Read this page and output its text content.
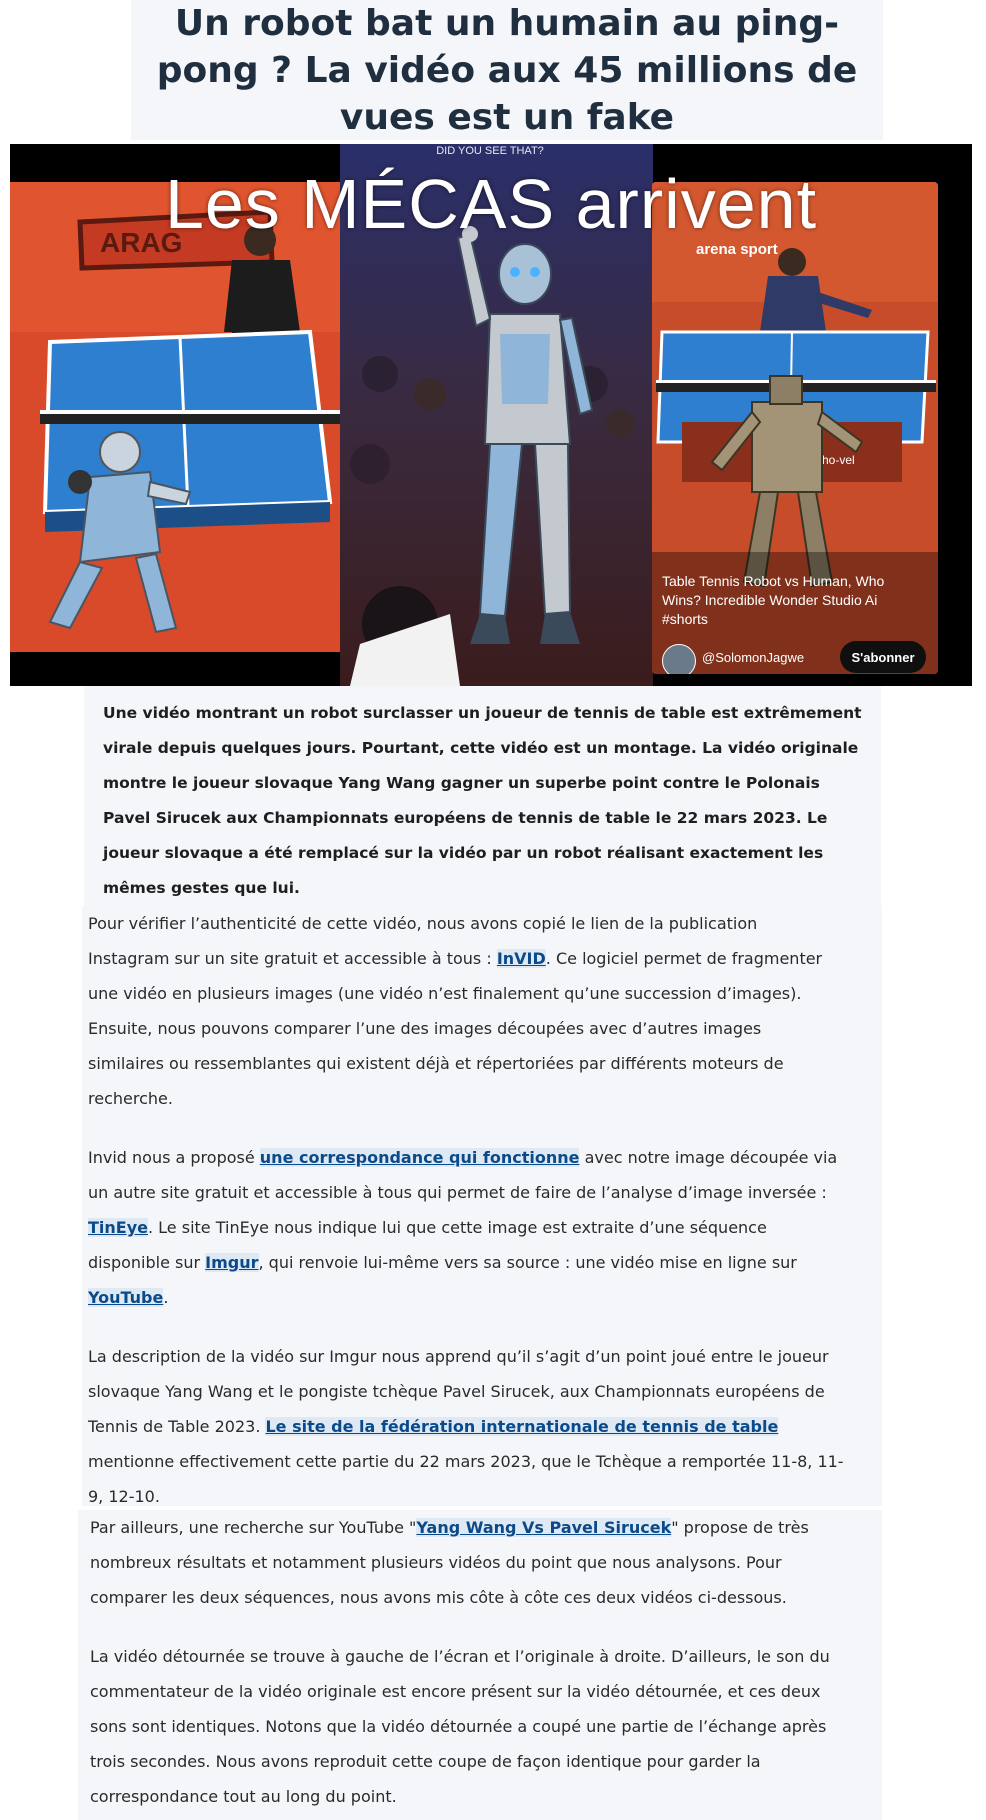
Un robot bat un humain au ping-pong ? La vidéo aux 45 millions de vues est un fake
ARAG
DID YOU SEE THAT?
arena sport
ho-vel
Table Tennis Robot vs Human, Who Wins? Incredible Wonder Studio Ai #shorts
@SolomonJagwe	S'abonner
Les MÉCAS arrivent

Une vidéo montrant un robot surclasser un joueur de tennis de table est extrêmement virale depuis quelques jours. Pourtant, cette vidéo est un montage. La vidéo originale montre le joueur slovaque Yang Wang gagner un superbe point contre le Polonais Pavel Sirucek aux Championnats européens de tennis de table le 22 mars 2023. Le joueur slovaque a été remplacé sur la vidéo par un robot réalisant exactement les mêmes gestes que lui.

Pour vérifier l’authenticité de cette vidéo, nous avons copié le lien de la publication Instagram sur un site gratuit et accessible à tous : InVID. Ce logiciel permet de fragmenter une vidéo en plusieurs images (une vidéo n’est finalement qu’une succession d’images). Ensuite, nous pouvons comparer l’une des images découpées avec d’autres images similaires ou ressemblantes qui existent déjà et répertoriées par différents moteurs de recherche.

Invid nous a proposé une correspondance qui fonctionne avec notre image découpée via un autre site gratuit et accessible à tous qui permet de faire de l’analyse d’image inversée : TinEye. Le site TinEye nous indique lui que cette image est extraite d’une séquence disponible sur Imgur, qui renvoie lui-même vers sa source : une vidéo mise en ligne sur YouTube.

La description de la vidéo sur Imgur nous apprend qu’il s’agit d’un point joué entre le joueur slovaque Yang Wang et le pongiste tchèque Pavel Sirucek, aux Championnats européens de Tennis de Table 2023. Le site de la fédération internationale de tennis de table mentionne effectivement cette partie du 22 mars 2023, que le Tchèque a remportée 11-8, 11-9, 12-10.

Par ailleurs, une recherche sur YouTube "Yang Wang Vs Pavel Sirucek" propose de très nombreux résultats et notamment plusieurs vidéos du point que nous analysons. Pour comparer les deux séquences, nous avons mis côte à côte ces deux vidéos ci-dessous.

La vidéo détournée se trouve à gauche de l’écran et l’originale à droite. D’ailleurs, le son du commentateur de la vidéo originale est encore présent sur la vidéo détournée, et ces deux sons sont identiques. Notons que la vidéo détournée a coupé une partie de l’échange après trois secondes. Nous avons reproduit cette coupe de façon identique pour garder la correspondance tout au long du point.
